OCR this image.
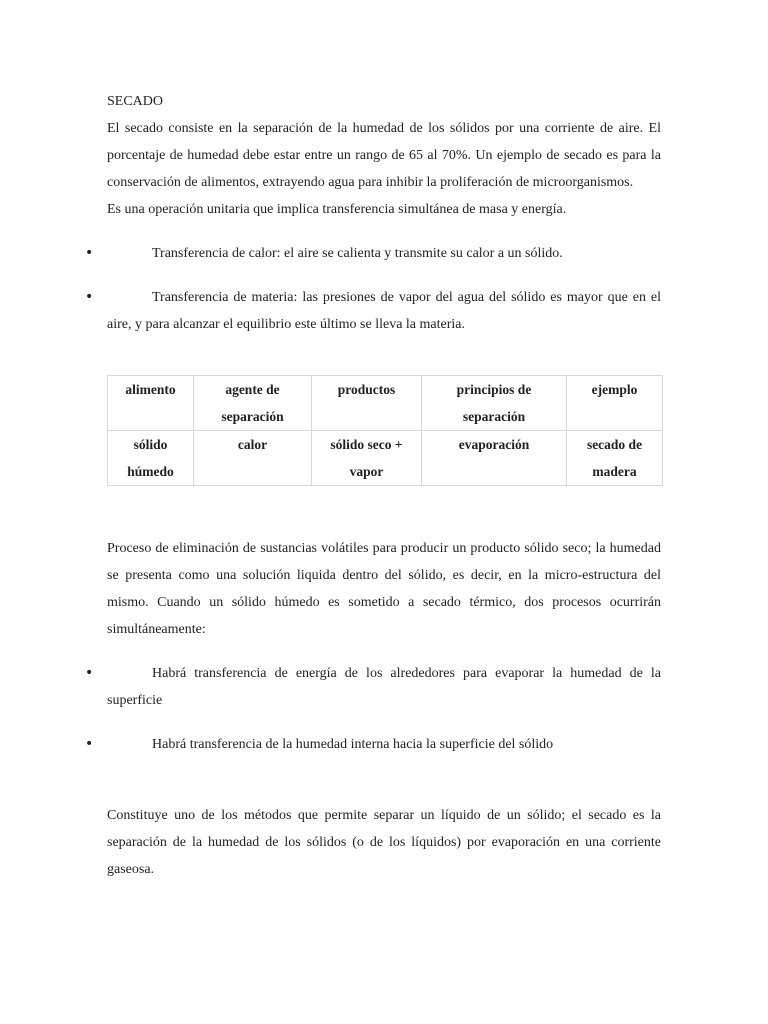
SECADO

El secado consiste en la separación de la humedad de los sólidos por una corriente de aire. El porcentaje de humedad debe estar entre un rango de 65 al 70%. Un ejemplo de secado es para la conservación de alimentos, extrayendo agua para inhibir la proliferación de microorganismos.

Es una operación unitaria que implica transferencia simultánea de masa y energía.

•	Transferencia de calor: el aire se calienta y transmite su calor a un sólido.

•	Transferencia de materia: las presiones de vapor del agua del sólido es mayor que en el aire, y para alcanzar el equilibrio este último se lleva la materia.

alimento	agente de separación	productos	principios de separación	ejemplo
sólido húmedo	calor	sólido seco + vapor	evaporación	secado de madera

Proceso de eliminación de sustancias volátiles para producir un producto sólido seco; la humedad se presenta como una solución liquida dentro del sólido, es decir, en la micro-estructura del mismo. Cuando un sólido húmedo es sometido a secado térmico, dos procesos ocurrirán simultáneamente:

•	Habrá transferencia de energía de los alrededores para evaporar la humedad de la superficie

•	Habrá transferencia de la humedad interna hacia la superficie del sólido

Constituye uno de los métodos que permite separar un líquido de un sólido; el secado es la separación de la humedad de los sólidos (o de los líquidos) por evaporación en una corriente gaseosa.
